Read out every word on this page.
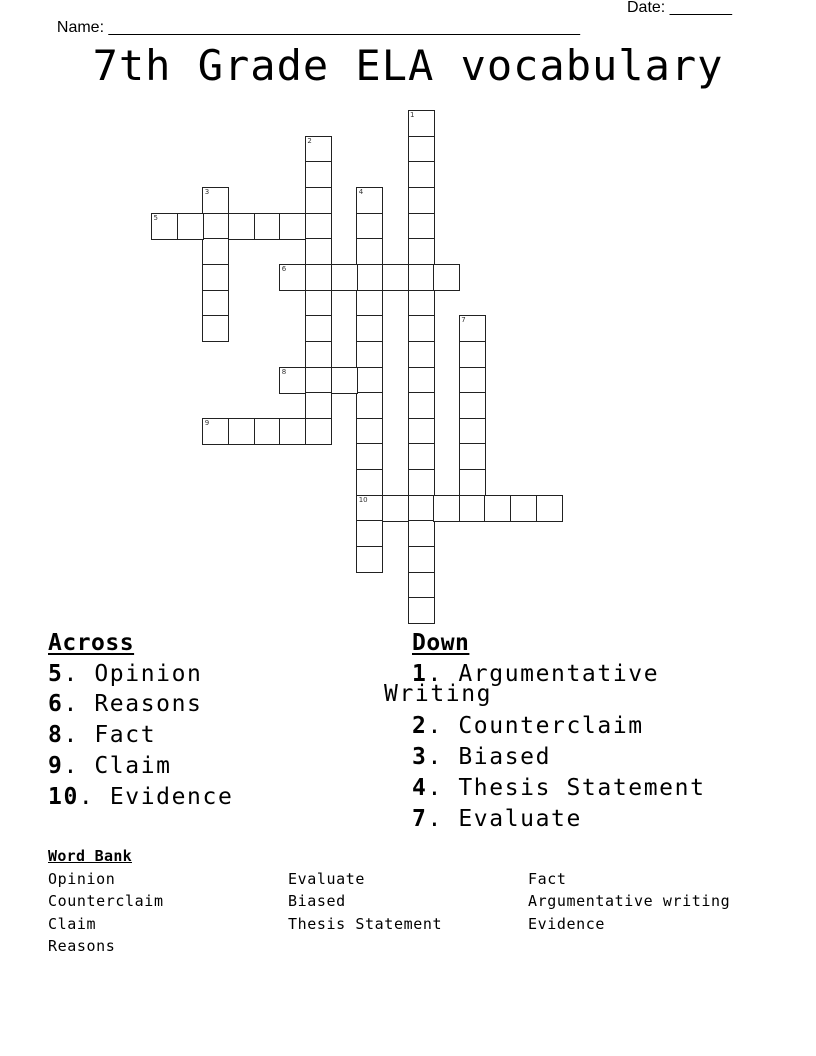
Name: _____________________________________________________

Date: _______

7th Grade ELA vocabulary
1
2
3	4
10
5
6
7
8
9
Across
5. Opinion
6. Reasons
8. Fact
9. Claim
10. Evidence
Down
1. Argumentative
Writing
2. Counterclaim
3. Biased
4. Thesis Statement
7. Evaluate
Word Bank
Opinion
Counterclaim
Claim
Reasons
Evaluate
Biased
Thesis Statement
Fact
Argumentative writing
Evidence
